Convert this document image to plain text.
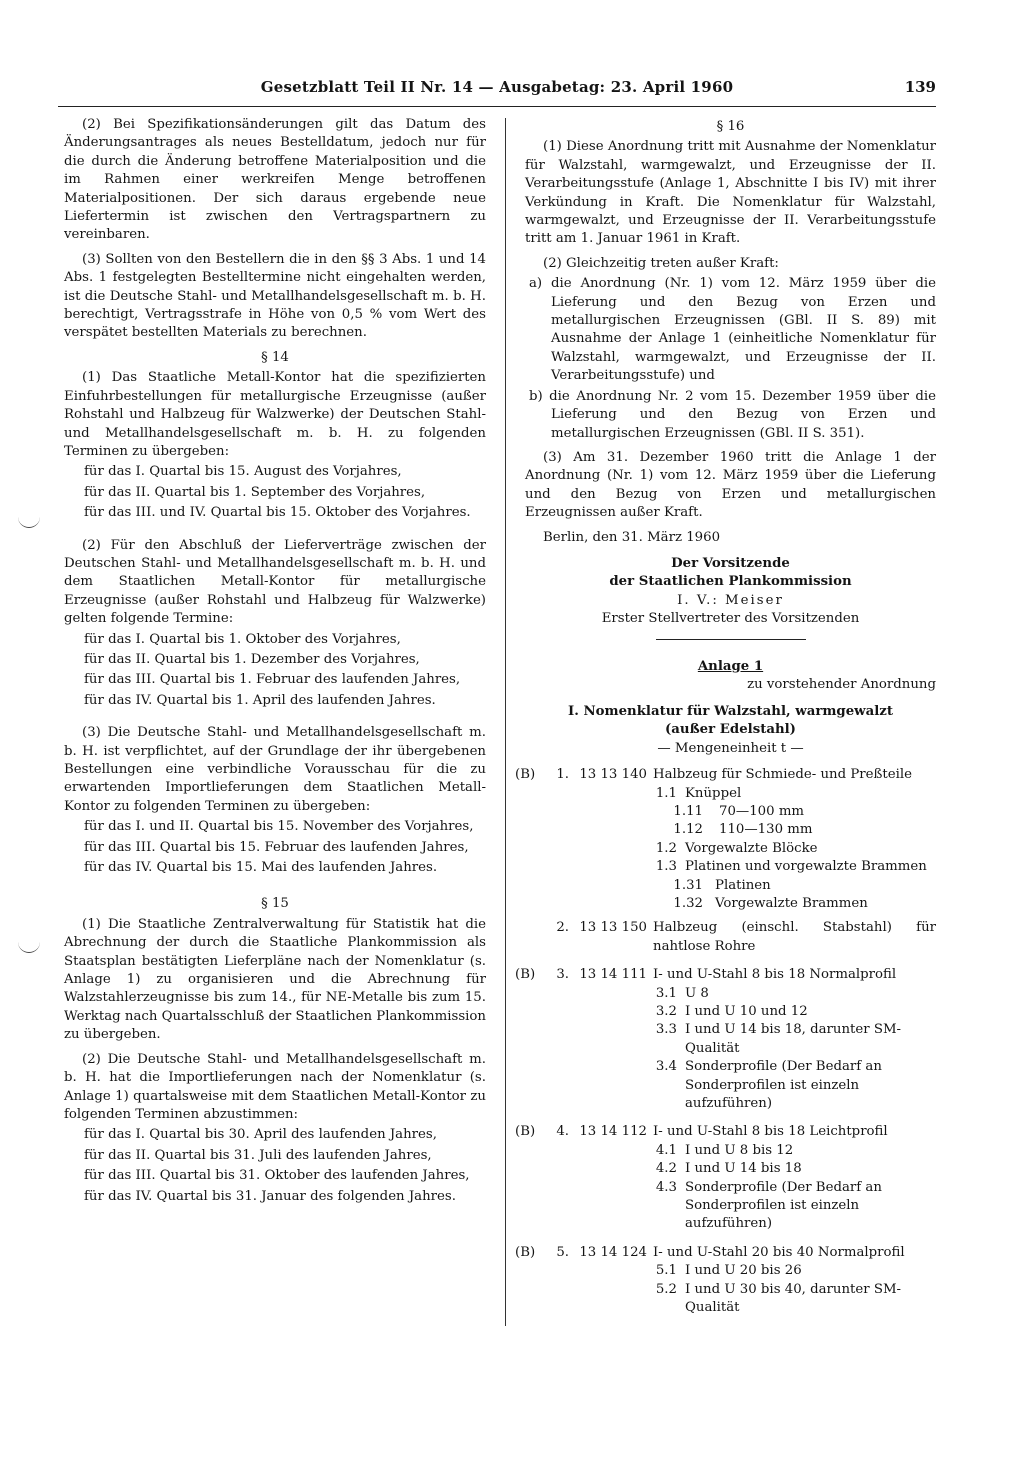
Gesetzblatt Teil II Nr. 14 — Ausgabetag: 23. April 1960	139

(2) Bei Spezifikationsänderungen gilt das Datum des Änderungsantrages als neues Bestelldatum, jedoch nur für die durch die Änderung betroffene Materialposition und die im Rahmen einer werkreifen Menge betroffenen Materialpositionen. Der sich daraus ergebende neue Liefertermin ist zwischen den Vertragspartnern zu vereinbaren.

(3) Sollten von den Bestellern die in den §§ 3 Abs. 1 und 14 Abs. 1 festgelegten Bestelltermine nicht eingehalten werden, ist die Deutsche Stahl- und Metallhandelsgesellschaft m. b. H. berechtigt, Vertragsstrafe in Höhe von 0,5 % vom Wert des verspätet bestellten Materials zu berechnen.

§ 14

(1) Das Staatliche Metall-Kontor hat die spezifizierten Einfuhrbestellungen für metallurgische Erzeugnisse (außer Rohstahl und Halbzeug für Walzwerke) der Deutschen Stahl- und Metallhandelsgesellschaft m. b. H. zu folgenden Terminen zu übergeben:

für das I. Quartal bis 15. August des Vorjahres,

für das II. Quartal bis 1. September des Vorjahres,

für das III. und IV. Quartal bis 15. Oktober des Vorjahres.

(2) Für den Abschluß der Lieferverträge zwischen der Deutschen Stahl- und Metallhandelsgesellschaft m. b. H. und dem Staatlichen Metall-Kontor für metallurgische Erzeugnisse (außer Rohstahl und Halbzeug für Walzwerke) gelten folgende Termine:

für das I. Quartal bis 1. Oktober des Vorjahres,

für das II. Quartal bis 1. Dezember des Vorjahres,

für das III. Quartal bis 1. Februar des laufenden Jahres,

für das IV. Quartal bis 1. April des laufenden Jahres.

(3) Die Deutsche Stahl- und Metallhandelsgesellschaft m. b. H. ist verpflichtet, auf der Grundlage der ihr übergebenen Bestellungen eine verbindliche Vorausschau für die zu erwartenden Importlieferungen dem Staatlichen Metall-Kontor zu folgenden Terminen zu übergeben:

für das I. und II. Quartal bis 15. November des Vorjahres,

für das III. Quartal bis 15. Februar des laufenden Jahres,

für das IV. Quartal bis 15. Mai des laufenden Jahres.

§ 15

(1) Die Staatliche Zentralverwaltung für Statistik hat die Abrechnung der durch die Staatliche Plankommission als Staatsplan bestätigten Lieferpläne nach der Nomenklatur (s. Anlage 1) zu organisieren und die Abrechnung für Walzstahlerzeugnisse bis zum 14., für NE-Metalle bis zum 15. Werktag nach Quartalsschluß der Staatlichen Plankommission zu übergeben.

(2) Die Deutsche Stahl- und Metallhandelsgesellschaft m. b. H. hat die Importlieferungen nach der Nomenklatur (s. Anlage 1) quartalsweise mit dem Staatlichen Metall-Kontor zu folgenden Terminen abzustimmen:

für das I. Quartal bis 30. April des laufenden Jahres,

für das II. Quartal bis 31. Juli des laufenden Jahres,

für das III. Quartal bis 31. Oktober des laufenden Jahres,

für das IV. Quartal bis 31. Januar des folgenden Jahres.

§ 16

(1) Diese Anordnung tritt mit Ausnahme der Nomenklatur für Walzstahl, warmgewalzt, und Erzeugnisse der II. Verarbeitungsstufe (Anlage 1, Abschnitte I bis IV) mit ihrer Verkündung in Kraft. Die Nomenklatur für Walzstahl, warmgewalzt, und Erzeugnisse der II. Verarbeitungsstufe tritt am 1. Januar 1961 in Kraft.

(2) Gleichzeitig treten außer Kraft:

a) die Anordnung (Nr. 1) vom 12. März 1959 über die Lieferung und den Bezug von Erzen und metallurgischen Erzeugnissen (GBl. II S. 89) mit Ausnahme der Anlage 1 (einheitliche Nomenklatur für Walzstahl, warmgewalzt, und Erzeugnisse der II. Verarbeitungsstufe) und

b) die Anordnung Nr. 2 vom 15. Dezember 1959 über die Lieferung und den Bezug von Erzen und metallurgischen Erzeugnissen (GBl. II S. 351).

(3) Am 31. Dezember 1960 tritt die Anlage 1 der Anordnung (Nr. 1) vom 12. März 1959 über die Lieferung und den Bezug von Erzen und metallurgischen Erzeugnissen außer Kraft.

Berlin, den 31. März 1960

Der Vorsitzende
der Staatlichen Plankommission
I. V.: Meiser
Erster Stellvertreter des Vorsitzenden
Anlage 1
zu vorstehender Anordnung
I. Nomenklatur für Walzstahl, warmgewalzt
(außer Edelstahl)
— Mengeneinheit t —
(B)	1. 13 13 140 Halbzeug für Schmiede- und Preßteile
1.1 Knüppel
1.11	70—100 mm
1.12	110—130 mm
1.2 Vorgewalzte Blöcke
1.3 Platinen und vorgewalzte Brammen
1.31 Platinen
1.32 Vorgewalzte Brammen
2. 13 13 150 Halbzeug (einschl. Stabstahl) für nahtlose Rohre
(B)	3. 13 14 111 I- und U-Stahl 8 bis 18 Normalprofil
3.1 U 8
3.2 I und U 10 und 12
3.3 I und U 14 bis 18, darunter SM-Qualität
3.4 Sonderprofile (Der Bedarf an Sonderprofilen ist einzeln aufzuführen)
(B)	4. 13 14 112 I- und U-Stahl 8 bis 18 Leichtprofil
4.1 I und U 8 bis 12
4.2 I und U 14 bis 18
4.3 Sonderprofile (Der Bedarf an Sonderprofilen ist einzeln aufzuführen)
(B)	5. 13 14 124 I- und U-Stahl 20 bis 40 Normalprofil
5.1 I und U 20 bis 26
5.2 I und U 30 bis 40, darunter SM-Qualität
